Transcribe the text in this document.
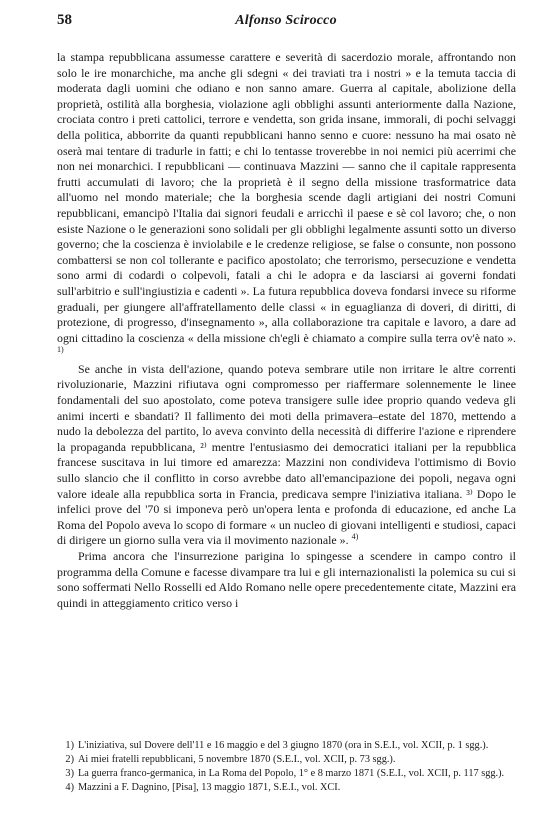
58	Alfonso Scirocco

la stampa repubblicana assumesse carattere e severità di sacerdozio morale, affrontando non solo le ire monarchiche, ma anche gli sdegni « dei traviati tra i nostri » e la temuta taccia di moderata dagli uomini che odiano e non sanno amare. Guerra al capitale, abolizione della proprietà, ostilità alla borghesia, violazione agli obblighi assunti anteriormente dalla Nazione, crociata contro i preti cattolici, terrore e vendetta, son grida insane, immorali, di pochi selvaggi della politica, abborrite da quanti repubblicani hanno senno e cuore: nessuno ha mai osato nè oserà mai tentare di tradurle in fatti; e chi lo tentasse troverebbe in noi nemici più acerrimi che non nei monarchici. I repubblicani — continuava Mazzini — sanno che il capitale rappresenta frutti accumulati di lavoro; che la proprietà è il segno della missione trasformatrice data all'uomo nel mondo materiale; che la borghesia scende dagli artigiani dei nostri Comuni repubblicani, emancipò l'Italia dai signori feudali e arricchì il paese e sè col lavoro; che, o non esiste Nazione o le generazioni sono solidali per gli obblighi legalmente assunti sotto un diverso governo; che la coscienza è inviolabile e le credenze religiose, se false o consunte, non possono combattersi se non col tollerante e pacifico apostolato; che terrorismo, persecuzione e vendetta sono armi di codardi o colpevoli, fatali a chi le adopra e da lasciarsi ai governi fondati sull'arbitrio e sull'ingiustizia e cadenti ». La futura repubblica doveva fondarsi invece su riforme graduali, per giungere all'affratellamento delle classi « in eguaglianza di doveri, di diritti, di protezione, di progresso, d'insegnamento », alla collaborazione tra capitale e lavoro, a dare ad ogni cittadino la coscienza « della missione ch'egli è chiamato a compire sulla terra ov'è nato ». $^{1)}$

Se anche in vista dell'azione, quando poteva sembrare utile non irritare le altre correnti rivoluzionarie, Mazzini rifiutava ogni compromesso per riaffermare solennemente le linee fondamentali del suo apostolato, come poteva transigere sulle idee proprio quando vedeva gli animi incerti e sbandati? Il fallimento dei moti della primavera–estate del 1870, mettendo a nudo la debolezza del partito, lo aveva convinto della necessità di differire l'azione e riprendere la propaganda repubblicana, ²⁾ mentre l'entusiasmo dei democratici italiani per la repubblica francese suscitava in lui timore ed amarezza: Mazzini non condivideva l'ottimismo di Bovio sullo slancio che il conflitto in corso avrebbe dato all'emancipazione dei popoli, negava ogni valore ideale alla repubblica sorta in Francia, predicava sempre l'iniziativa italiana. ³⁾ Dopo le infelici prove del '70 si imponeva però un'opera lenta e profonda di educazione, ed anche La Roma del Popolo aveva lo scopo di formare « un nucleo di giovani intelligenti e studiosi, capaci di dirigere un giorno sulla vera via il movimento nazionale ». $^{4)}$

Prima ancora che l'insurrezione parigina lo spingesse a scendere in campo contro il programma della Comune e facesse divampare tra lui e gli internazionalisti la polemica su cui si sono soffermati Nello Rosselli ed Aldo Romano nelle opere precedentemente citate, Mazzini era quindi in atteggiamento critico verso i

1) L'iniziativa, sul Dovere dell'11 e 16 maggio e del 3 giugno 1870 (ora in S.E.I., vol. XCII, p. 1 sgg.).

2) Ai miei fratelli repubblicani, 5 novembre 1870 (S.E.I., vol. XCII, p. 73 sgg.).

3) La guerra franco-germanica, in La Roma del Popolo, 1° e 8 marzo 1871 (S.E.I., vol. XCII, p. 117 sgg.).

4) Mazzini a F. Dagnino, [Pisa], 13 maggio 1871, S.E.I., vol. XCI.
